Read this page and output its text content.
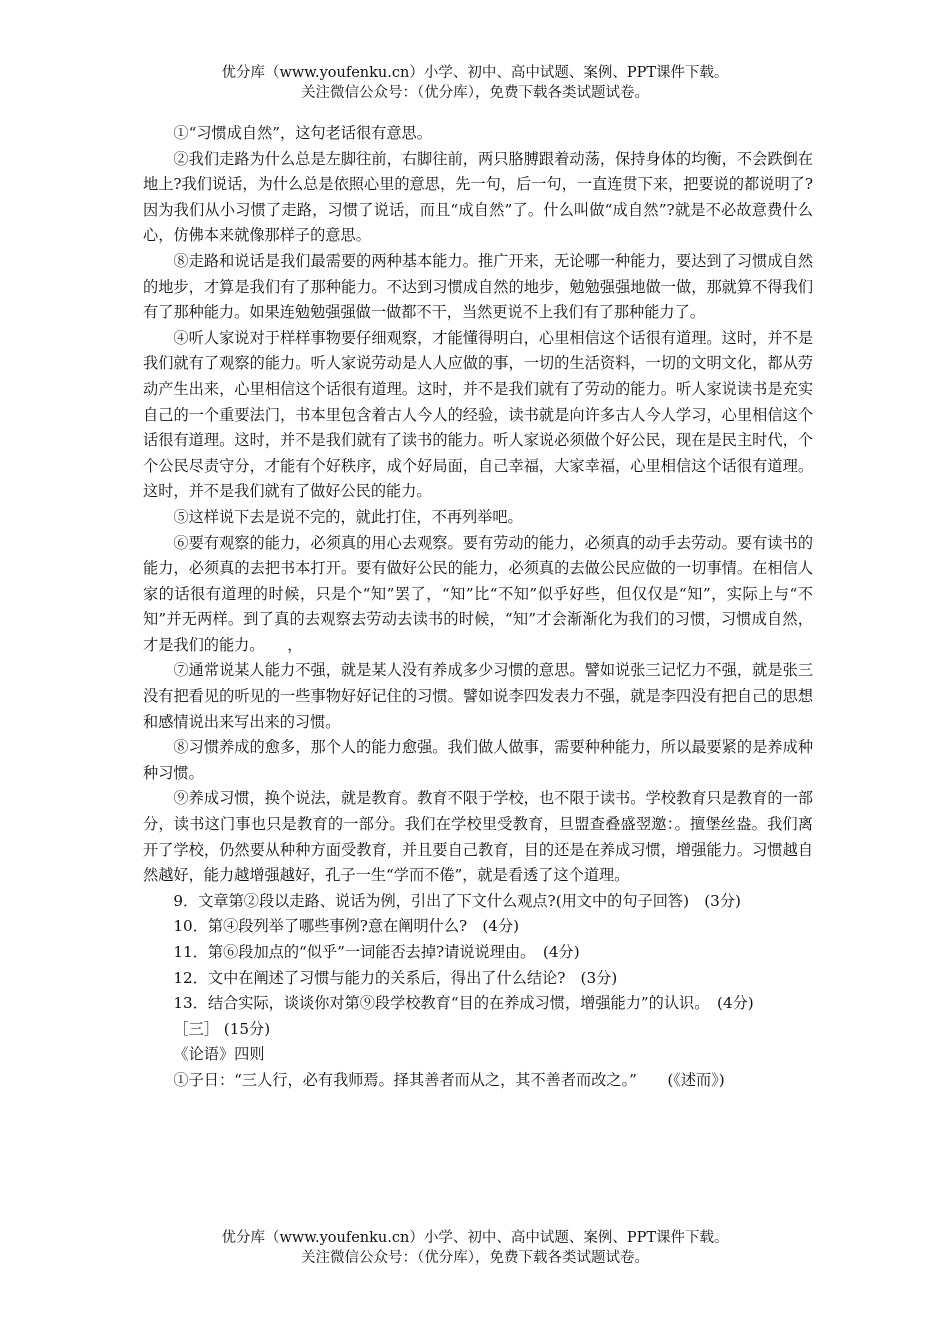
优分库（www.youfenku.cn）小学、初中、高中试题、案例、PPT课件下载。
关注微信公众号：（优分库），免费下载各类试题试卷。

①“习惯成自然”，这句老话很有意思。

②我们走路为什么总是左脚往前，右脚往前，两只胳膊跟着动荡，保持身体的均衡，不会跌倒在地上?我们说话，为什么总是依照心里的意思，先一句，后一句，一直连贯下来，把要说的都说明了?因为我们从小习惯了走路，习惯了说话，而且“成自然”了。什么叫做“成自然”?就是不必故意费什么心，仿佛本来就像那样子的意思。

⑧走路和说话是我们最需要的两种基本能力。推广开来，无论哪一种能力，要达到了习惯成自然的地步，才算是我们有了那种能力。不达到习惯成自然的地步，勉勉强强地做一做，那就算不得我们有了那种能力。如果连勉勉强强做一做都不干，当然更说不上我们有了那种能力了。

④听人家说对于样样事物要仔细观察，才能懂得明白，心里相信这个话很有道理。这时，并不是我们就有了观察的能力。听人家说劳动是人人应做的事，一切的生活资料，一切的文明文化，都从劳动产生出来，心里相信这个话很有道理。这时，并不是我们就有了劳动的能力。听人家说读书是充实自己的一个重要法门，书本里包含着古人今人的经验，读书就是向许多古人今人学习，心里相信这个话很有道理。这时，并不是我们就有了读书的能力。听人家说必须做个好公民，现在是民主时代，个个公民尽责守分，才能有个好秩序，成个好局面，自己幸福，大家幸福，心里相信这个话很有道理。这时，并不是我们就有了做好公民的能力。

⑤这样说下去是说不完的，就此打住，不再列举吧。

⑥要有观察的能力，必须真的用心去观察。要有劳动的能力，必须真的动手去劳动。要有读书的能力，必须真的去把书本打开。要有做好公民的能力，必须真的去做公民应做的一切事情。在相信人家的话很有道理的时候，只是个“知”罢了，“知”比“不知”似乎好些，但仅仅是“知”，实际上与“不知”并无两样。到了真的去观察去劳动去读书的时候，“知”才会渐渐化为我们的习惯，习惯成自然，才是我们的能力。　　，

⑦通常说某人能力不强，就是某人没有养成多少习惯的意思。譬如说张三记忆力不强，就是张三没有把看见的听见的一些事物好好记住的习惯。譬如说李四发表力不强，就是李四没有把自己的思想和感情说出来写出来的习惯。

⑧习惯养成的愈多，那个人的能力愈强。我们做人做事，需要种种能力，所以最要紧的是养成种种习惯。

⑨养成习惯，换个说法，就是教育。教育不限于学校，也不限于读书。学校教育只是教育的一部分，读书这门事也只是教育的一部分。我们在学校里受教育，旦盟查叠盛翌邀：。擅堡丝盎。我们离开了学校，仍然要从种种方面受教育，并且要自己教育，目的还是在养成习惯，增强能力。习惯越自然越好，能力越增强越好，孔子一生“学而不倦”，就是看透了这个道理。

9．文章第②段以走路、说话为例，引出了下文什么观点?(用文中的句子回答)　(3分)

10．第④段列举了哪些事例?意在阐明什么?　(4分)

11．第⑥段加点的“似乎”一词能否去掉?请说说理由。　(4分)

12．文中在阐述了习惯与能力的关系后，得出了什么结论?　(3分)

13．结合实际，谈谈你对第⑨段学校教育“目的在养成习惯，增强能力”的认识。　(4分)

［三］ (15分)

《论语》四则

①子日：“三人行，必有我师焉。择其善者而从之，其不善者而改之。”　　(《述而》)

优分库（www.youfenku.cn）小学、初中、高中试题、案例、PPT课件下载。
关注微信公众号：（优分库），免费下载各类试题试卷。
